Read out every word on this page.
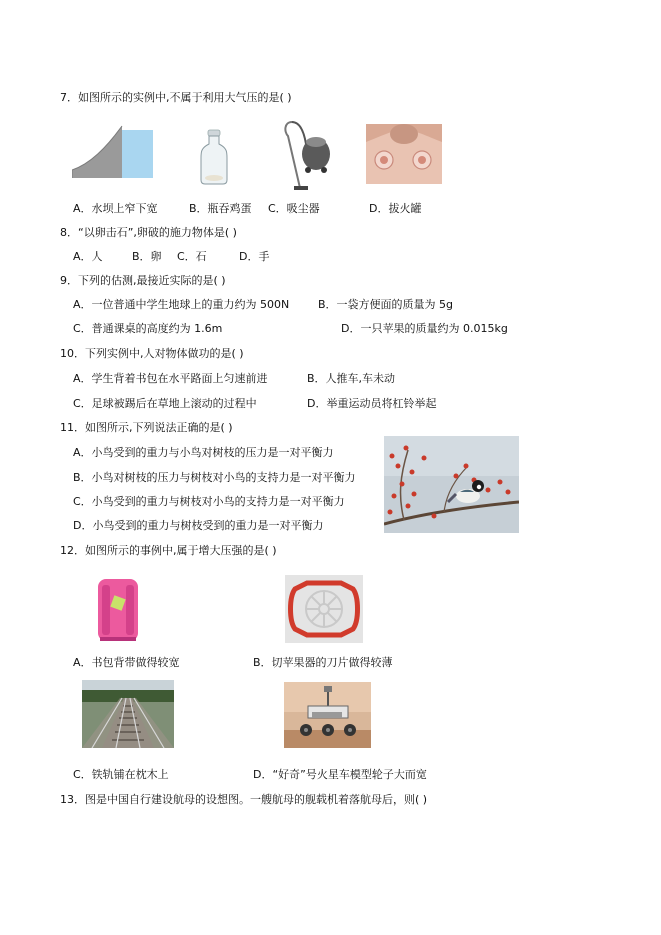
7．如图所示的实例中,不属于利用大气压的是( )
A．水坝上窄下宽	B．瓶吞鸡蛋 C．吸尘器	D．拔火罐
8．“以卵击石”,卵破的施力物体是( )
A．人	B．卵 C．石	D．手
9．下列的估测,最接近实际的是( )
A．一位普通中学生地球上的重力约为 500N	B．一袋方便面的质量为 5g
C．普通课桌的高度约为 1.6m	D．一只苹果的质量约为 0.015kg
10．下列实例中,人对物体做功的是( )
A．学生背着书包在水平路面上匀速前进	B．人推车,车未动
C．足球被踢后在草地上滚动的过程中	D．举重运动员将杠铃举起
11．如图所示,下列说法正确的是( )
A．小鸟受到的重力与小鸟对树枝的压力是一对平衡力
B．小鸟对树枝的压力与树枝对小鸟的支持力是一对平衡力
C．小鸟受到的重力与树枝对小鸟的支持力是一对平衡力
D．小鸟受到的重力与树枝受到的重力是一对平衡力
12．如图所示的事例中,属于增大压强的是( )
A．书包背带做得较宽	B．切苹果器的刀片做得较薄
C．铁轨铺在枕木上	D．“好奇”号火星车模型轮子大而宽
13．图是中国自行建设航母的设想图。一艘航母的舰载机着落航母后，则( )
